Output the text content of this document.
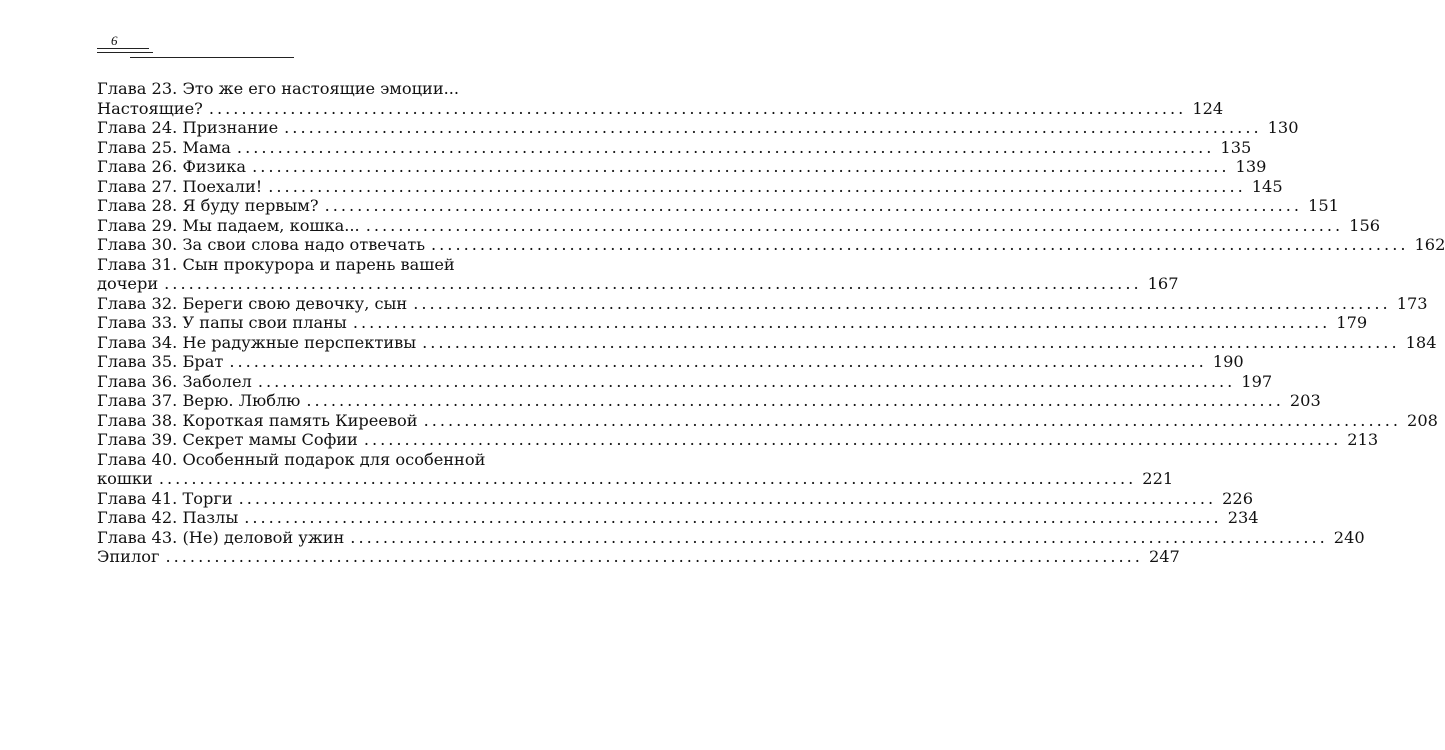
6
Глава 23. Это же его настоящие эмоции...
Настоящие? ........................................................................................................................ 124
Глава 24. Признание ........................................................................................................................ 130
Глава 25. Мама ........................................................................................................................ 135
Глава 26. Физика ........................................................................................................................ 139
Глава 27. Поехали! ........................................................................................................................ 145
Глава 28. Я буду первым? ........................................................................................................................ 151
Глава 29. Мы падаем, кошка... ........................................................................................................................ 156
Глава 30. За свои слова надо отвечать ........................................................................................................................ 162
Глава 31. Сын прокурора и парень вашей
дочери ........................................................................................................................ 167
Глава 32. Береги свою девочку, сын ........................................................................................................................ 173
Глава 33. У папы свои планы ........................................................................................................................ 179
Глава 34. Не радужные перспективы ........................................................................................................................ 184
Глава 35. Брат ........................................................................................................................ 190
Глава 36. Заболел ........................................................................................................................ 197
Глава 37. Верю. Люблю ........................................................................................................................ 203
Глава 38. Короткая память Киреевой ........................................................................................................................ 208
Глава 39. Секрет мамы Софии ........................................................................................................................ 213
Глава 40. Особенный подарок для особенной
кошки ........................................................................................................................ 221
Глава 41. Торги ........................................................................................................................ 226
Глава 42. Пазлы ........................................................................................................................ 234
Глава 43. (Не) деловой ужин ........................................................................................................................ 240
Эпилог ........................................................................................................................ 247
